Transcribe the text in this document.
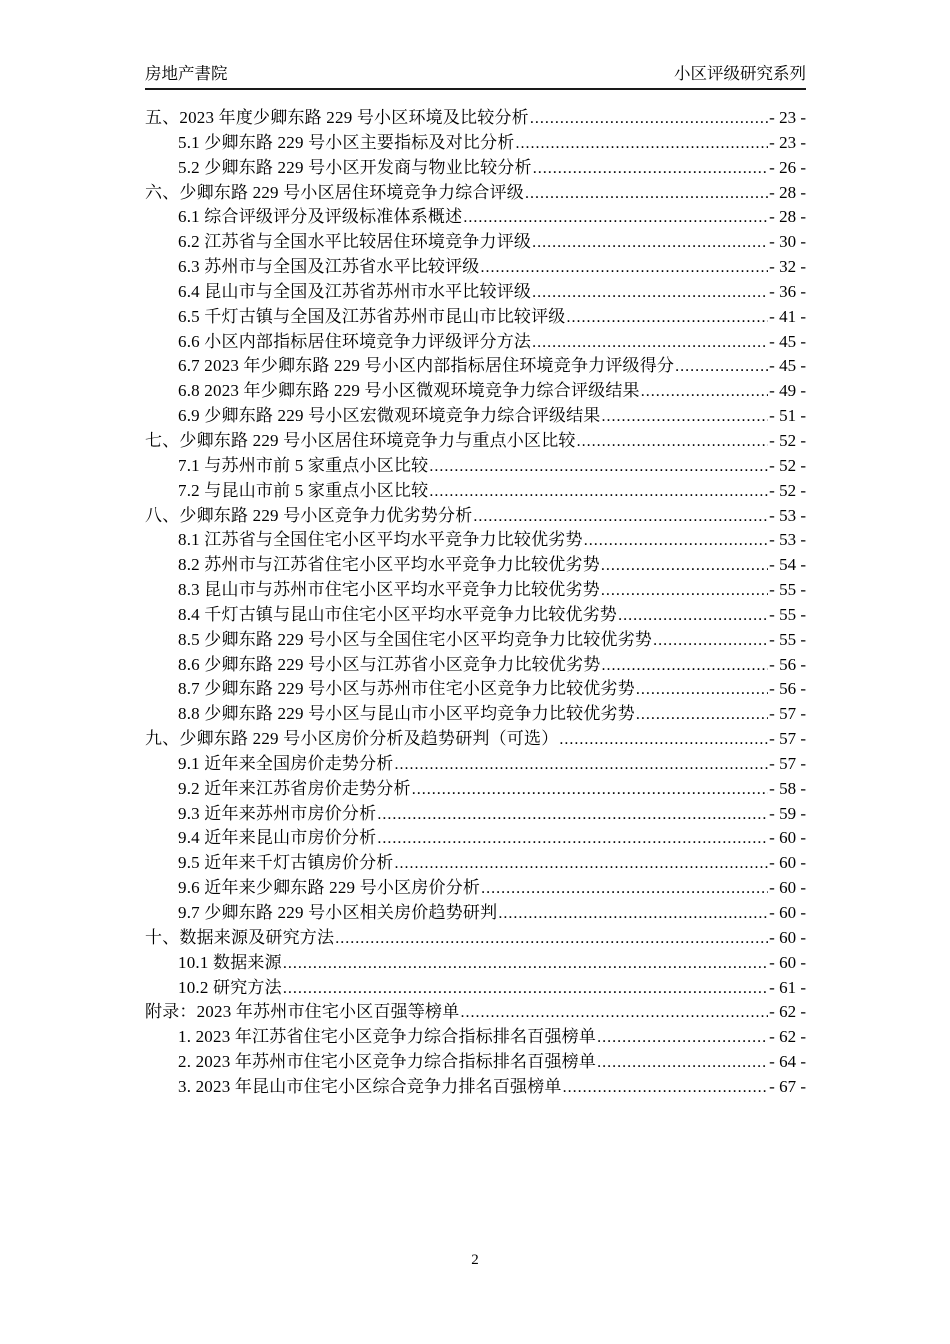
房地产書院	小区评级研究系列
五、2023 年度少卿东路 229 号小区环境及比较分析 .....	- 23 -
5.1 少卿东路 229 号小区主要指标及对比分析 .....	- 23 -
5.2 少卿东路 229 号小区开发商与物业比较分析 .....	- 26 -
六、少卿东路 229 号小区居住环境竞争力综合评级 .....	- 28 -
6.1 综合评级评分及评级标准体系概述 .....	- 28 -
6.2 江苏省与全国水平比较居住环境竞争力评级 .....	- 30 -
6.3 苏州市与全国及江苏省水平比较评级 .....	- 32 -
6.4 昆山市与全国及江苏省苏州市水平比较评级 .....	- 36 -
6.5 千灯古镇与全国及江苏省苏州市昆山市比较评级 .....	- 41 -
6.6 小区内部指标居住环境竞争力评级评分方法 .....	- 45 -
6.7 2023 年少卿东路 229 号小区内部指标居住环境竞争力评级得分 .....	- 45 -
6.8 2023 年少卿东路 229 号小区微观环境竞争力综合评级结果 .....	- 49 -
6.9 少卿东路 229 号小区宏微观环境竞争力综合评级结果 .....	- 51 -
七、少卿东路 229 号小区居住环境竞争力与重点小区比较 .....	- 52 -
7.1 与苏州市前 5 家重点小区比较 .....	- 52 -
7.2 与昆山市前 5 家重点小区比较 .....	- 52 -
八、少卿东路 229 号小区竞争力优劣势分析 .....	- 53 -
8.1 江苏省与全国住宅小区平均水平竞争力比较优劣势 .....	- 53 -
8.2 苏州市与江苏省住宅小区平均水平竞争力比较优劣势 .....	- 54 -
8.3 昆山市与苏州市住宅小区平均水平竞争力比较优劣势 .....	- 55 -
8.4 千灯古镇与昆山市住宅小区平均水平竞争力比较优劣势 .....	- 55 -
8.5 少卿东路 229 号小区与全国住宅小区平均竞争力比较优劣势 .....	- 55 -
8.6 少卿东路 229 号小区与江苏省小区竞争力比较优劣势 .....	- 56 -
8.7 少卿东路 229 号小区与苏州市住宅小区竞争力比较优劣势 .....	- 56 -
8.8 少卿东路 229 号小区与昆山市小区平均竞争力比较优劣势 .....	- 57 -
九、少卿东路 229 号小区房价分析及趋势研判（可选） .....	- 57 -
9.1 近年来全国房价走势分析 .....	- 57 -
9.2 近年来江苏省房价走势分析 .....	- 58 -
9.3 近年来苏州市房价分析 .....	- 59 -
9.4 近年来昆山市房价分析 .....	- 60 -
9.5 近年来千灯古镇房价分析 .....	- 60 -
9.6 近年来少卿东路 229 号小区房价分析 .....	- 60 -
9.7 少卿东路 229 号小区相关房价趋势研判 .....	- 60 -
十、数据来源及研究方法 .....	- 60 -
10.1 数据来源 .....	- 60 -
10.2 研究方法 .....	- 61 -
附录：2023 年苏州市住宅小区百强等榜单 .....	- 62 -
1. 2023 年江苏省住宅小区竞争力综合指标排名百强榜单 .....	- 62 -
2. 2023 年苏州市住宅小区竞争力综合指标排名百强榜单 .....	- 64 -
3. 2023 年昆山市住宅小区综合竞争力排名百强榜单 .....	- 67 -
2
